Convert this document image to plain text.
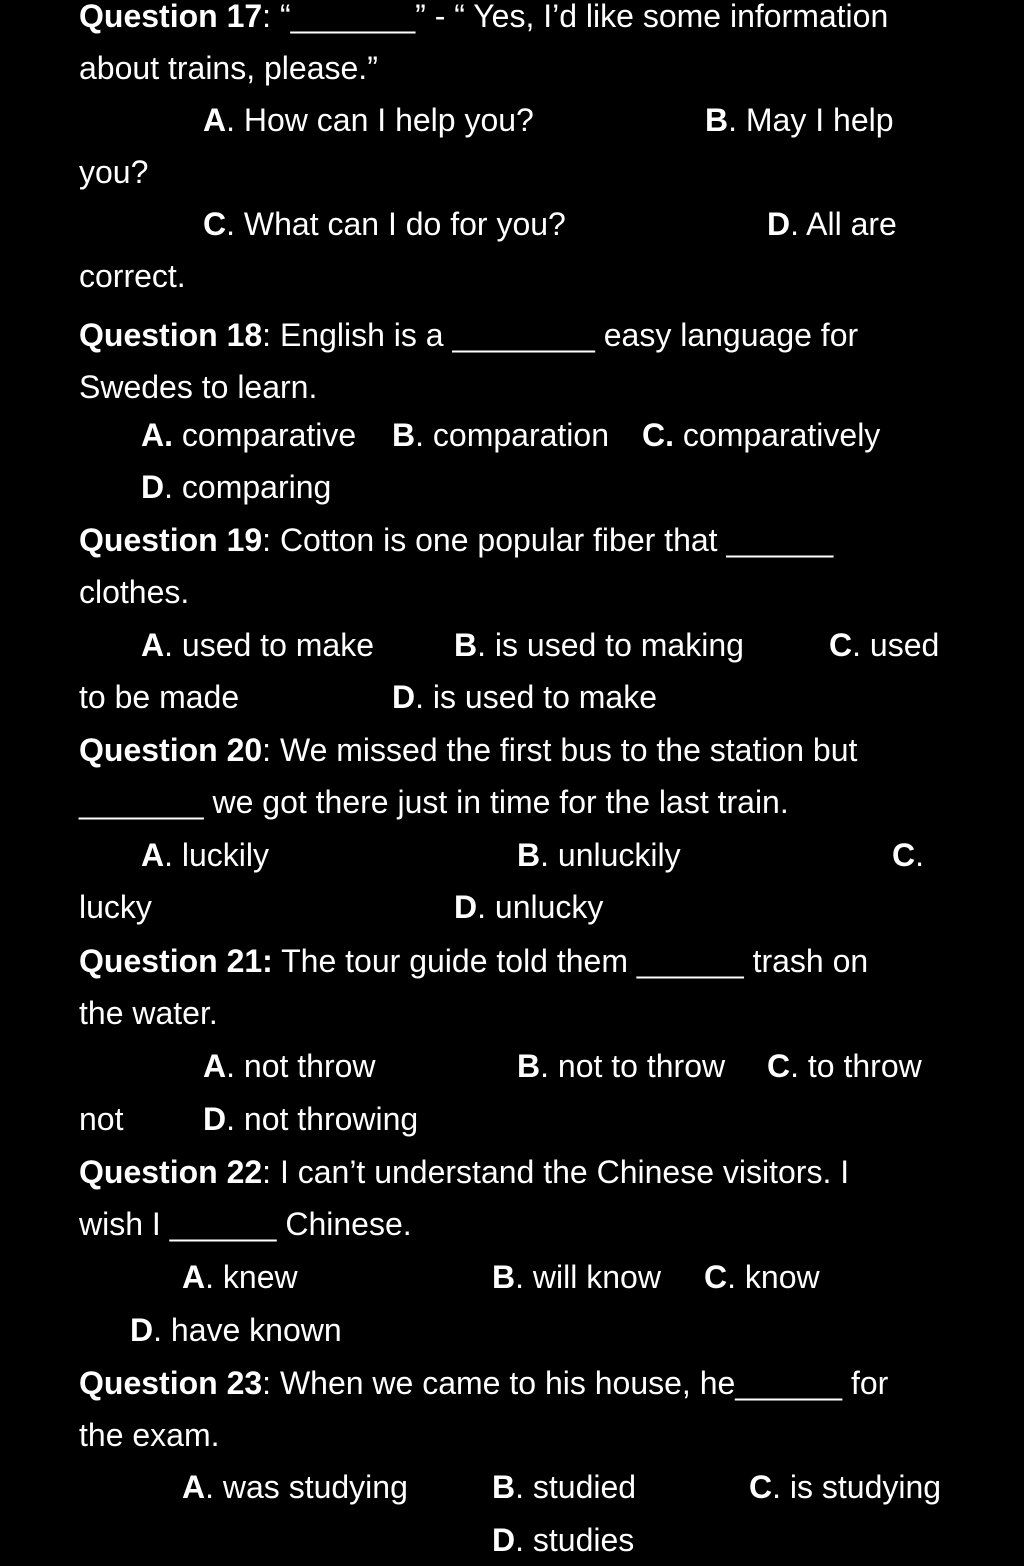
Question 17: “_______” - “ Yes, I’d like some information
about trains, please.”
A. How can I help you?	B. May I help
you?
C. What can I do for you?	D. All are
correct.
Question 18: English is a ________ easy language for
Swedes to learn.
A. comparative B. comparation C. comparatively
D. comparing
Question 19: Cotton is one popular fiber that ______
clothes.
A. used to make	B. is used to making	C. used
to be made	D. is used to make
Question 20: We missed the first bus to the station but
_______ we got there just in time for the last train.
A. luckily	B. unluckily	C.
lucky	D. unlucky
Question 21: The tour guide told them ______ trash on
the water.
A. not throw	B. not to throw C. to throw
not D. not throwing
Question 22: I can’t understand the Chinese visitors. I
wish I ______ Chinese.
A. knew	B. will know C. know
D. have known
Question 23: When we came to his house, he______ for
the exam.
A. was studying	B. studied	C. is studying
D. studies
